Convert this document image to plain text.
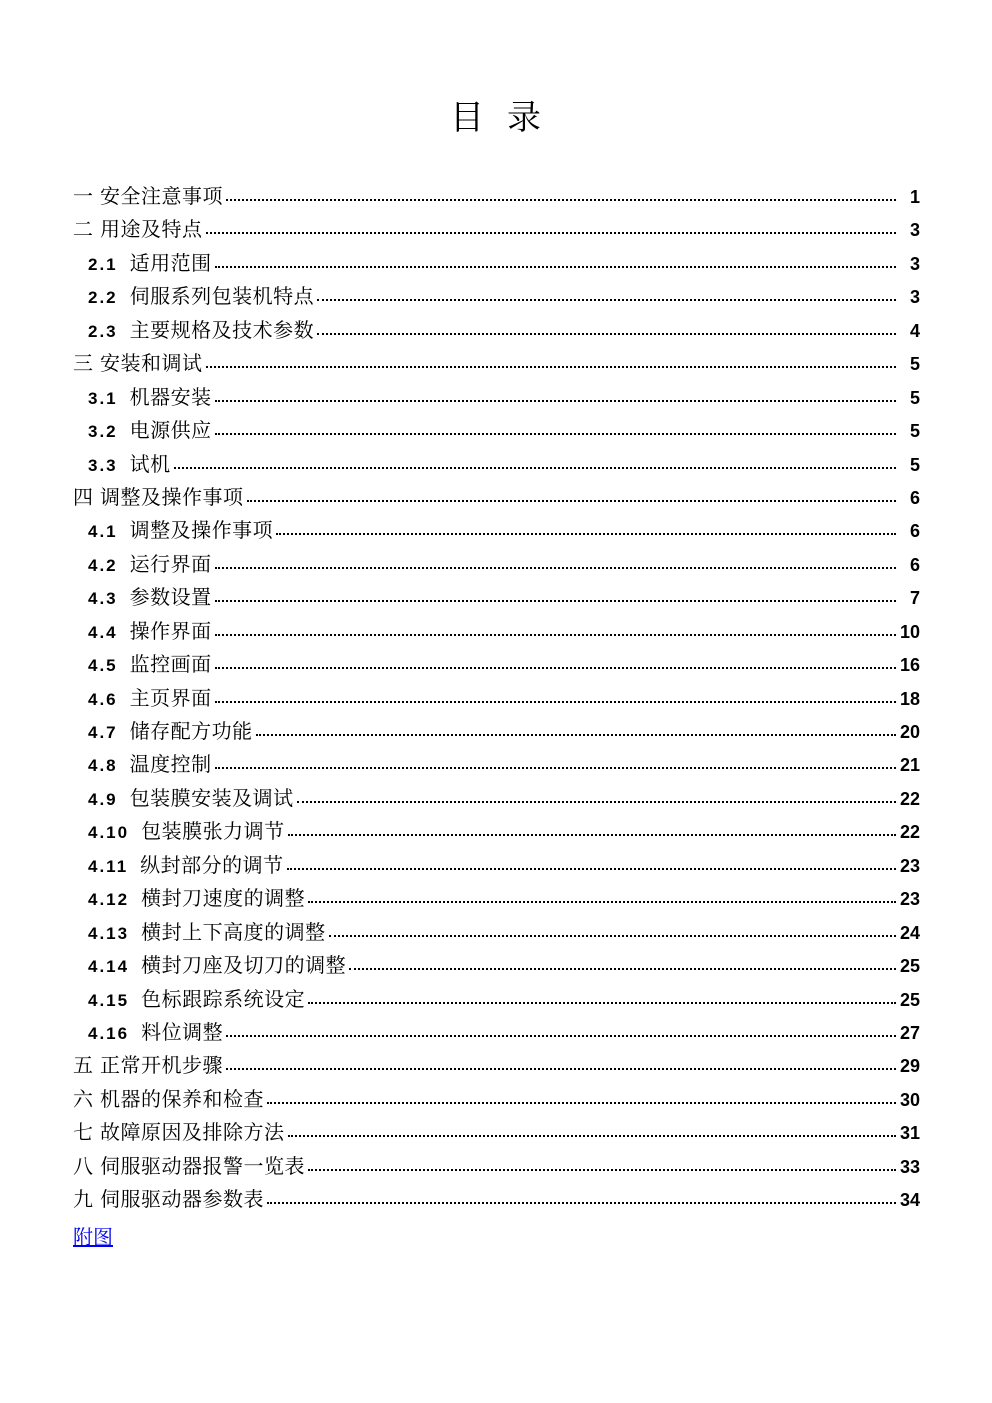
目  录
一 安全注意事项	1
二 用途及特点	3
2.1 适用范围	3
2.2 伺服系列包装机特点	3
2.3 主要规格及技术参数	4
三 安装和调试	5
3.1 机器安装	5
3.2 电源供应	5
3.3 试机	5
四 调整及操作事项	6
4.1 调整及操作事项	6
4.2 运行界面	6
4.3 参数设置	7
4.4 操作界面	10
4.5 监控画面	16
4.6 主页界面	18
4.7 储存配方功能	20
4.8 温度控制	21
4.9 包装膜安装及调试	22
4.10 包装膜张力调节	22
4.11 纵封部分的调节	23
4.12 横封刀速度的调整	23
4.13 横封上下高度的调整	24
4.14 横封刀座及切刀的调整	25
4.15 色标跟踪系统设定	25
4.16 料位调整	27
五 正常开机步骤	29
六 机器的保养和检查	30
七 故障原因及排除方法	31
八 伺服驱动器报警一览表	33
九 伺服驱动器参数表	34
附图
